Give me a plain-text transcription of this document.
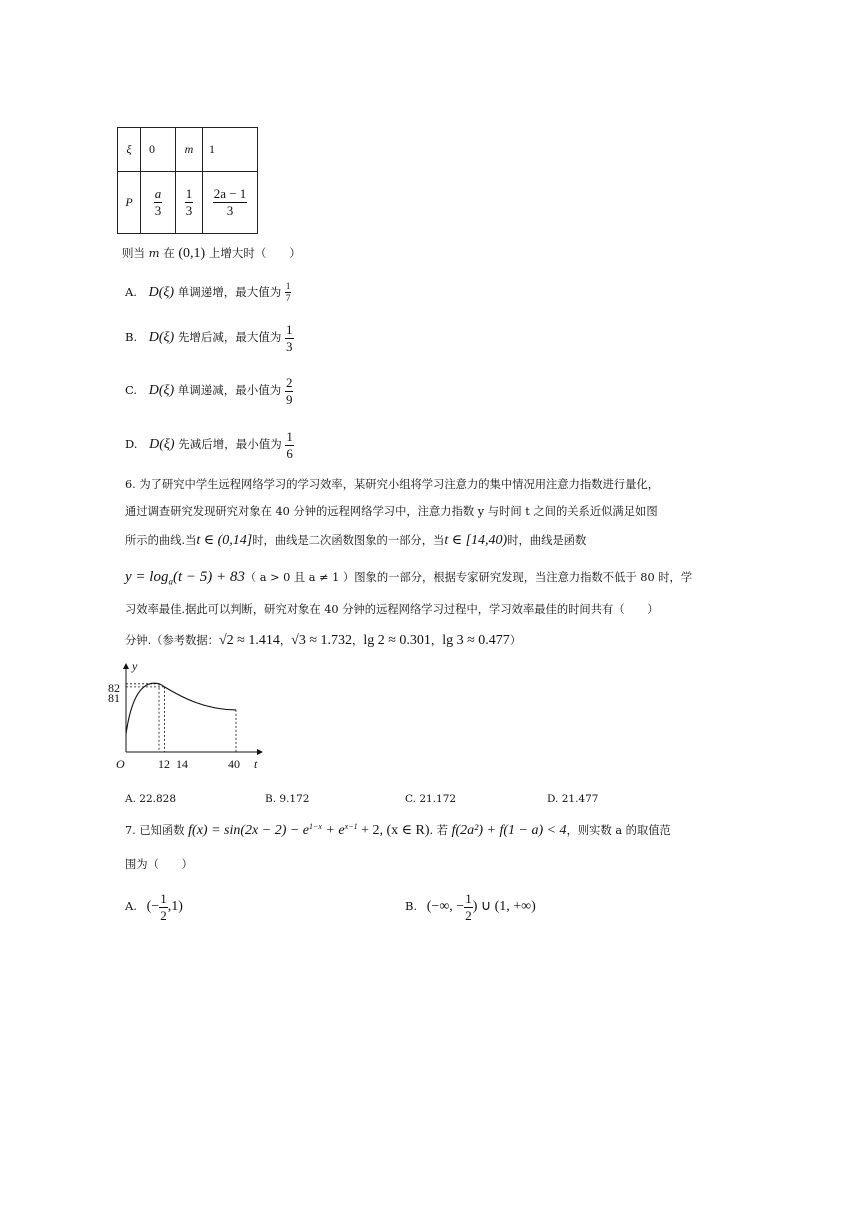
ξ	0	m	1
P	$\frac{a}{3}$	$\frac{1}{3}$	$\frac{2a - 1}{3}$
则当 m 在 (0,1) 上增大时（　　）
A. D(ξ) 单调递增，最大值为 $\frac{1}{7}$
B. D(ξ) 先增后减，最大值为 $\frac{1}{3}$
C. D(ξ) 单调递减，最小值为 $\frac{2}{9}$
D. D(ξ) 先减后增，最小值为 $\frac{1}{6}$
6. 为了研究中学生远程网络学习的学习效率，某研究小组将学习注意力的集中情况用注意力指数进行量化，
通过调查研究发现研究对象在 40 分钟的远程网络学习中，注意力指数 y 与时间 t 之间的关系近似满足如图
所示的曲线.当t ∈ (0,14]时，曲线是二次函数图象的一部分，当t ∈ [14,40)时，曲线是函数
$y = \log_a(t - 5) + 83$（ a > 0 且 a ≠ 1 ）图象的一部分，根据专家研究发现，当注意力指数不低于 80 时，学
习效率最佳.据此可以判断，研究对象在 40 分钟的远程网络学习过程中，学习效率最佳的时间共有（　　）
分钟.（参考数据：√2 ≈ 1.414，√3 ≈ 1.732，lg 2 ≈ 0.301，lg 3 ≈ 0.477）
y
t
O
82
81
12 14	40
A. 22.828	B. 9.172	C. 21.172	D. 21.477
7. 已知函数 $f(x) = \sin(2x - 2) - e^{1-x} + e^{x-1} + 2$, (x ∈ R). 若 f(2a²) + f(1 − a) < 4，则实数 a 的取值范
围为（　　）
A. (− $\frac{1}{2} ,1$)	B. (−∞, − $\frac{1}{2}$ ) ∪ (1, +∞)
